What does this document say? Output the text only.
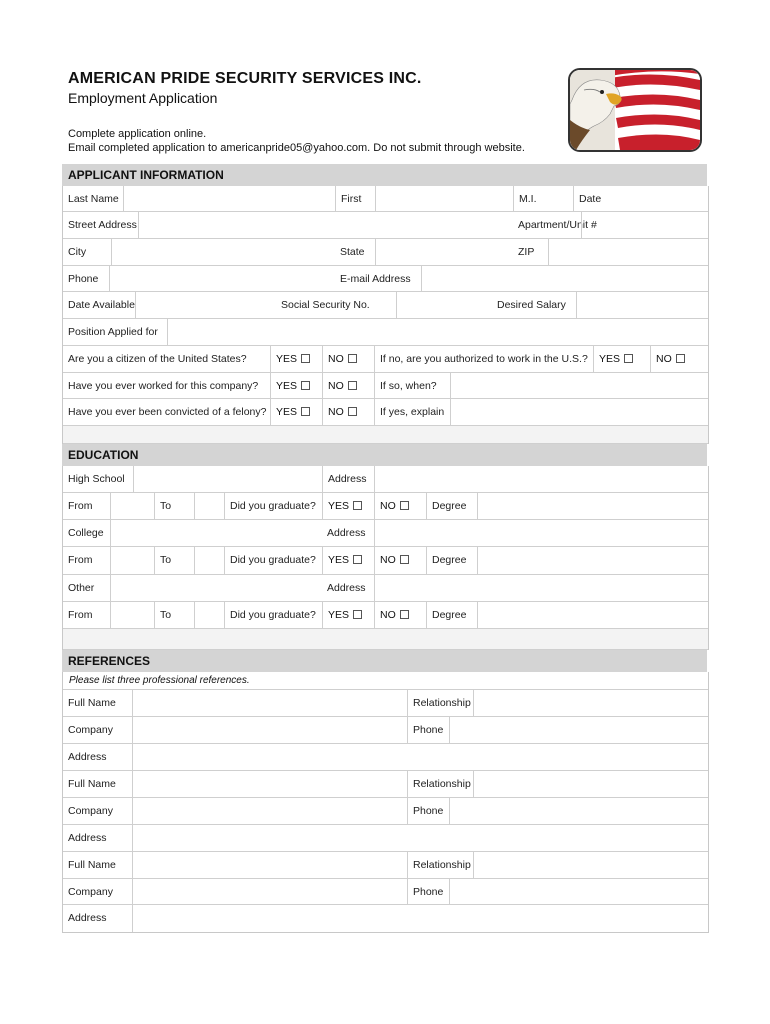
AMERICAN PRIDE SECURITY SERVICES INC.
Employment Application
Complete application online.
Email completed application to americanpride05@yahoo.com. Do not submit through website.
APPLICANT INFORMATION
Last Name	First	M.I.	Date
Street Address	Apartment/Unit #
City	State	ZIP
Phone	E-mail Address
Date Available	Social Security No.	Desired Salary
Position Applied for
Are you a citizen of the United States?	YES	NO	If no, are you authorized to work in the U.S.?	YES	NO
Have you ever worked for this company?	YES	NO	If so, when?
Have you ever been convicted of a felony? YES	NO	If yes, explain
EDUCATION
High School	Address
From	To	Did you graduate?	YES	NO	Degree
College	Address
From	To	Did you graduate?	YES	NO	Degree
Other	Address
From	To	Did you graduate?	YES	NO	Degree
REFERENCES
Please list three professional references.
Full Name	Relationship
Company	Phone
Address
Full Name	Relationship
Company	Phone
Address
Full Name	Relationship
Company	Phone
Address
